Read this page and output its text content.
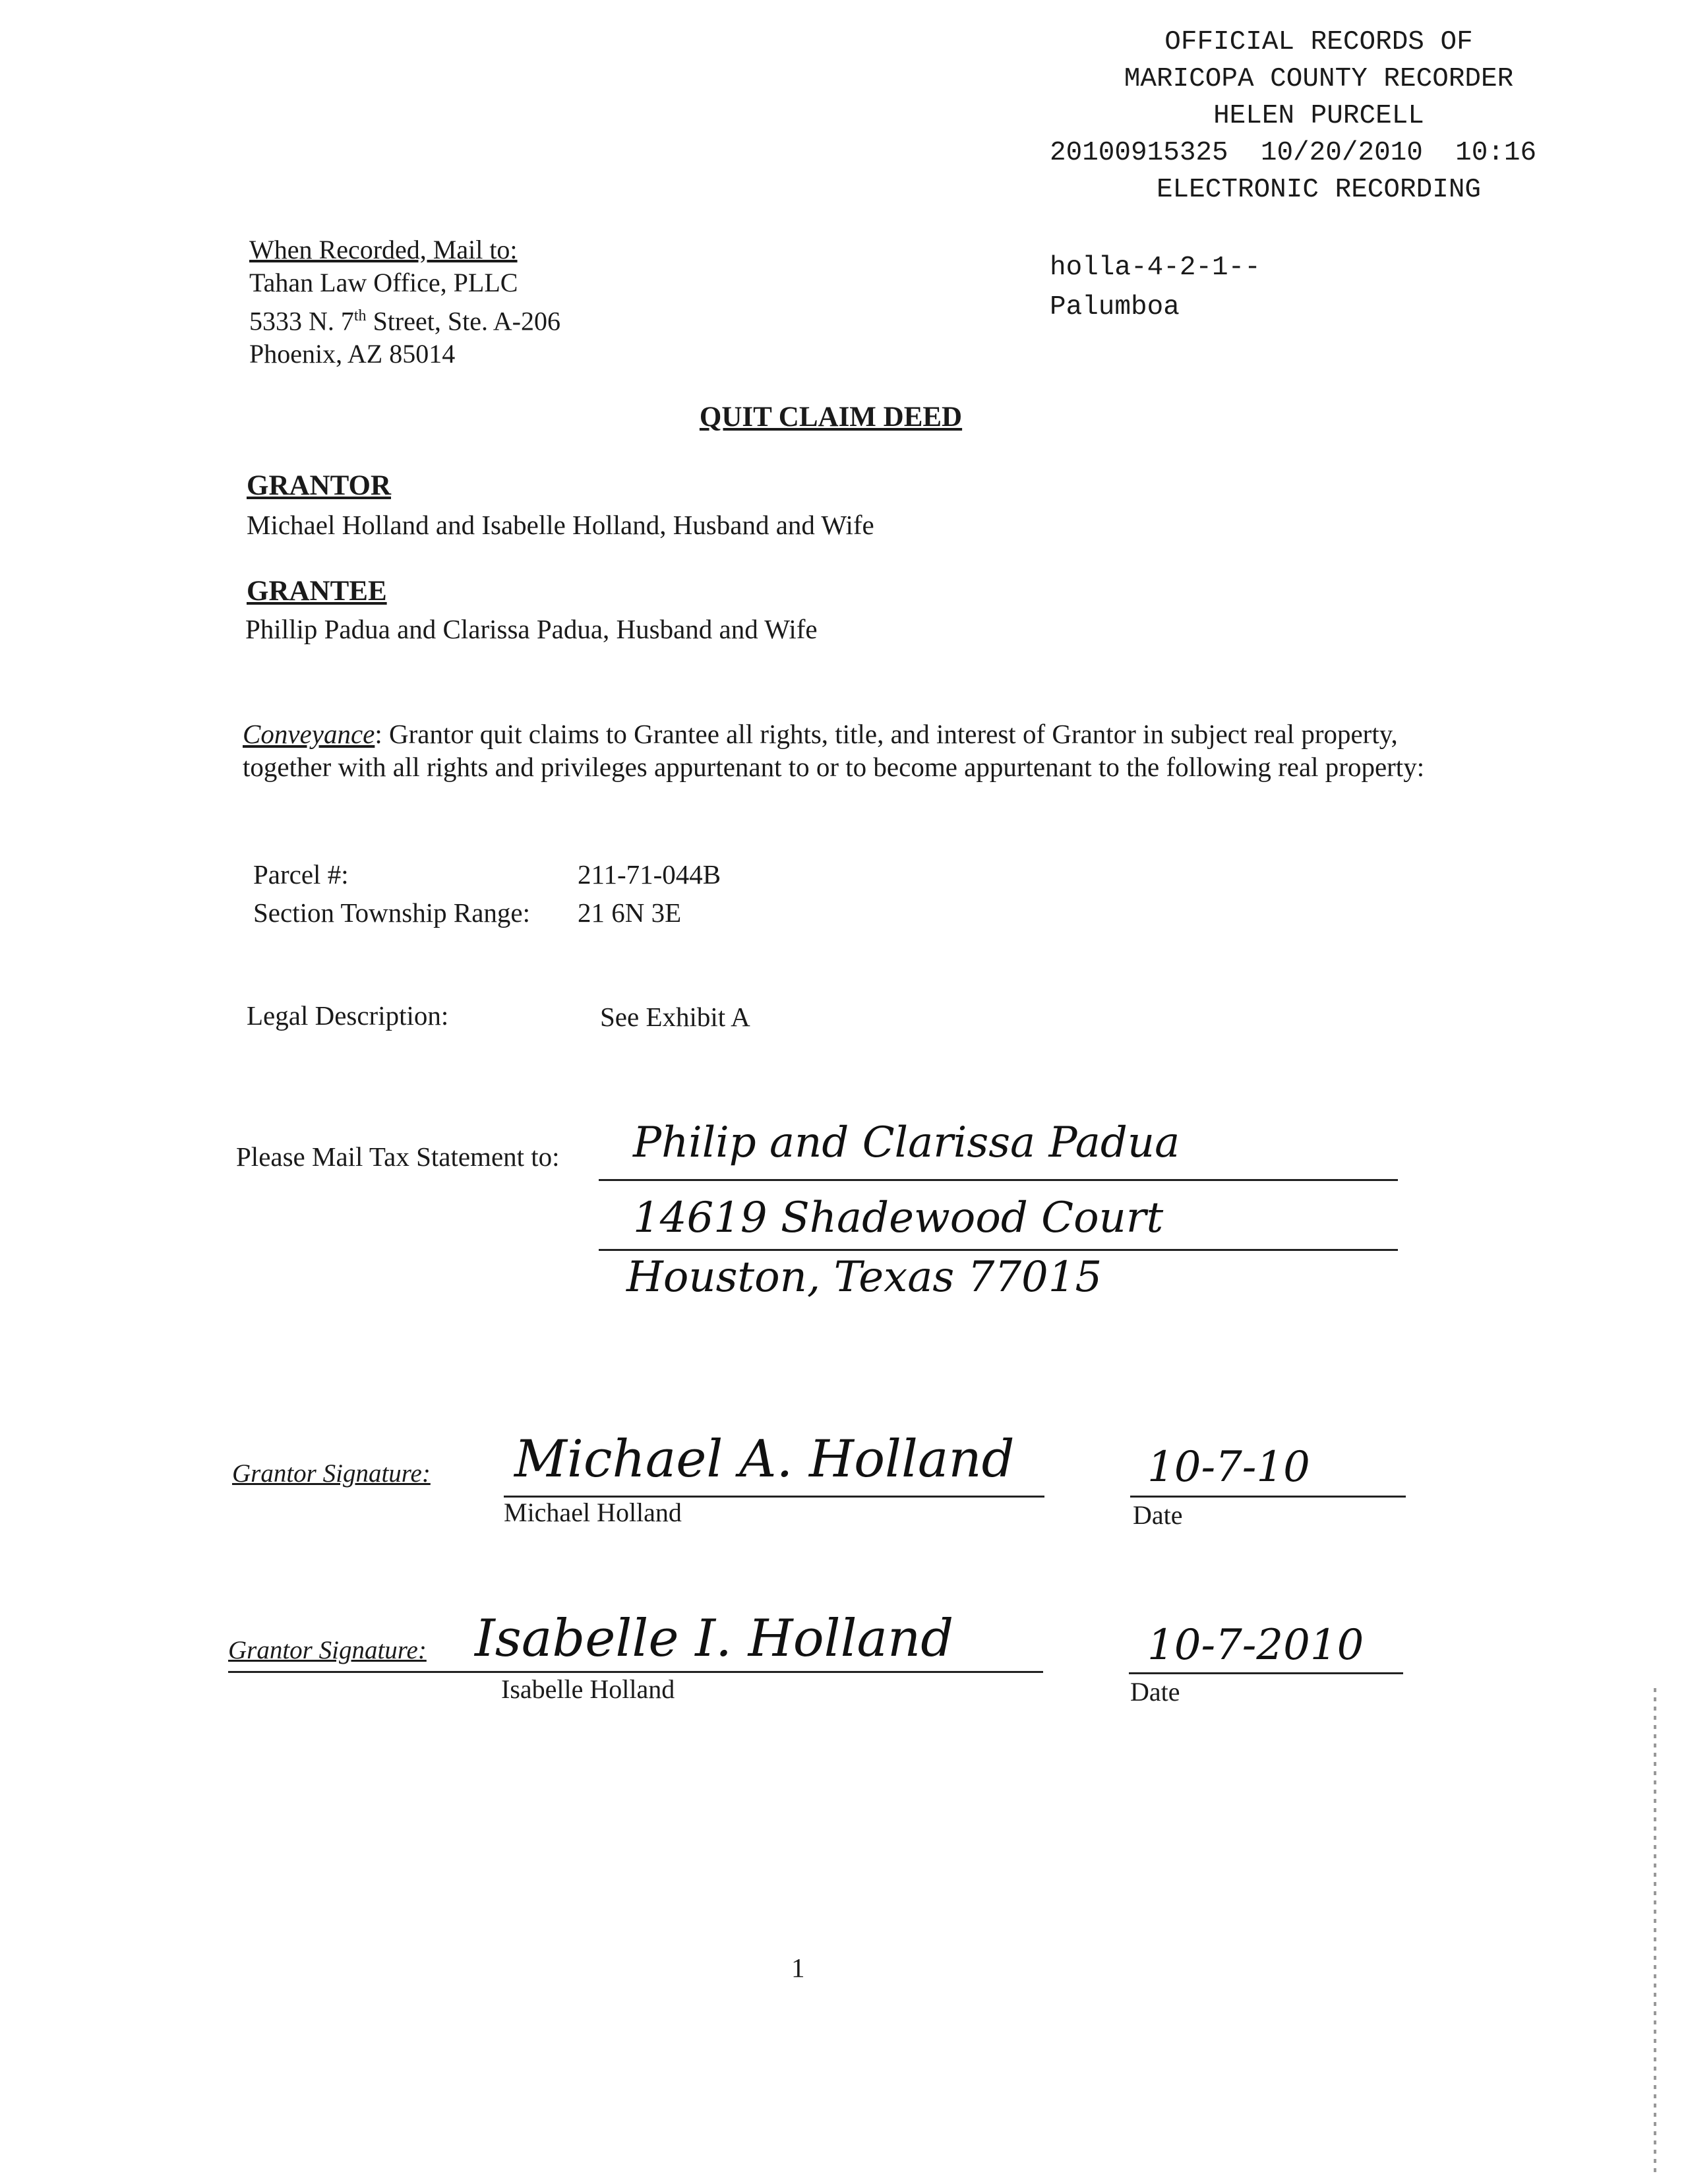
OFFICIAL RECORDS OF
MARICOPA COUNTY RECORDER
HELEN PURCELL
20100915325  10/20/2010  10:16
ELECTRONIC RECORDING
holla-4-2-1--
Palumboa
When Recorded, Mail to:
Tahan Law Office, PLLC
5333 N. 7th Street, Ste. A-206
Phoenix, AZ 85014
QUIT CLAIM DEED
GRANTOR
Michael Holland and Isabelle Holland, Husband and Wife
GRANTEE
Phillip Padua and Clarissa Padua, Husband and Wife
Conveyance: Grantor quit claims to Grantee all rights, title, and interest of Grantor in subject real property, together with all rights and privileges appurtenant to or to become appurtenant to the following real property:
Parcel #:	211-71-044B
Section Township Range: 21 6N 3E
Legal Description:	See Exhibit A
Please Mail Tax Statement to: Philip and Clarissa Padua
14619 Shadewood Court
Houston, Texas 77015
Grantor Signature: Michael A. Holland
Michael Holland
10-7-10
Date
Grantor Signature: Isabelle I. Holland
Isabelle Holland
10-7-2010
Date
1
